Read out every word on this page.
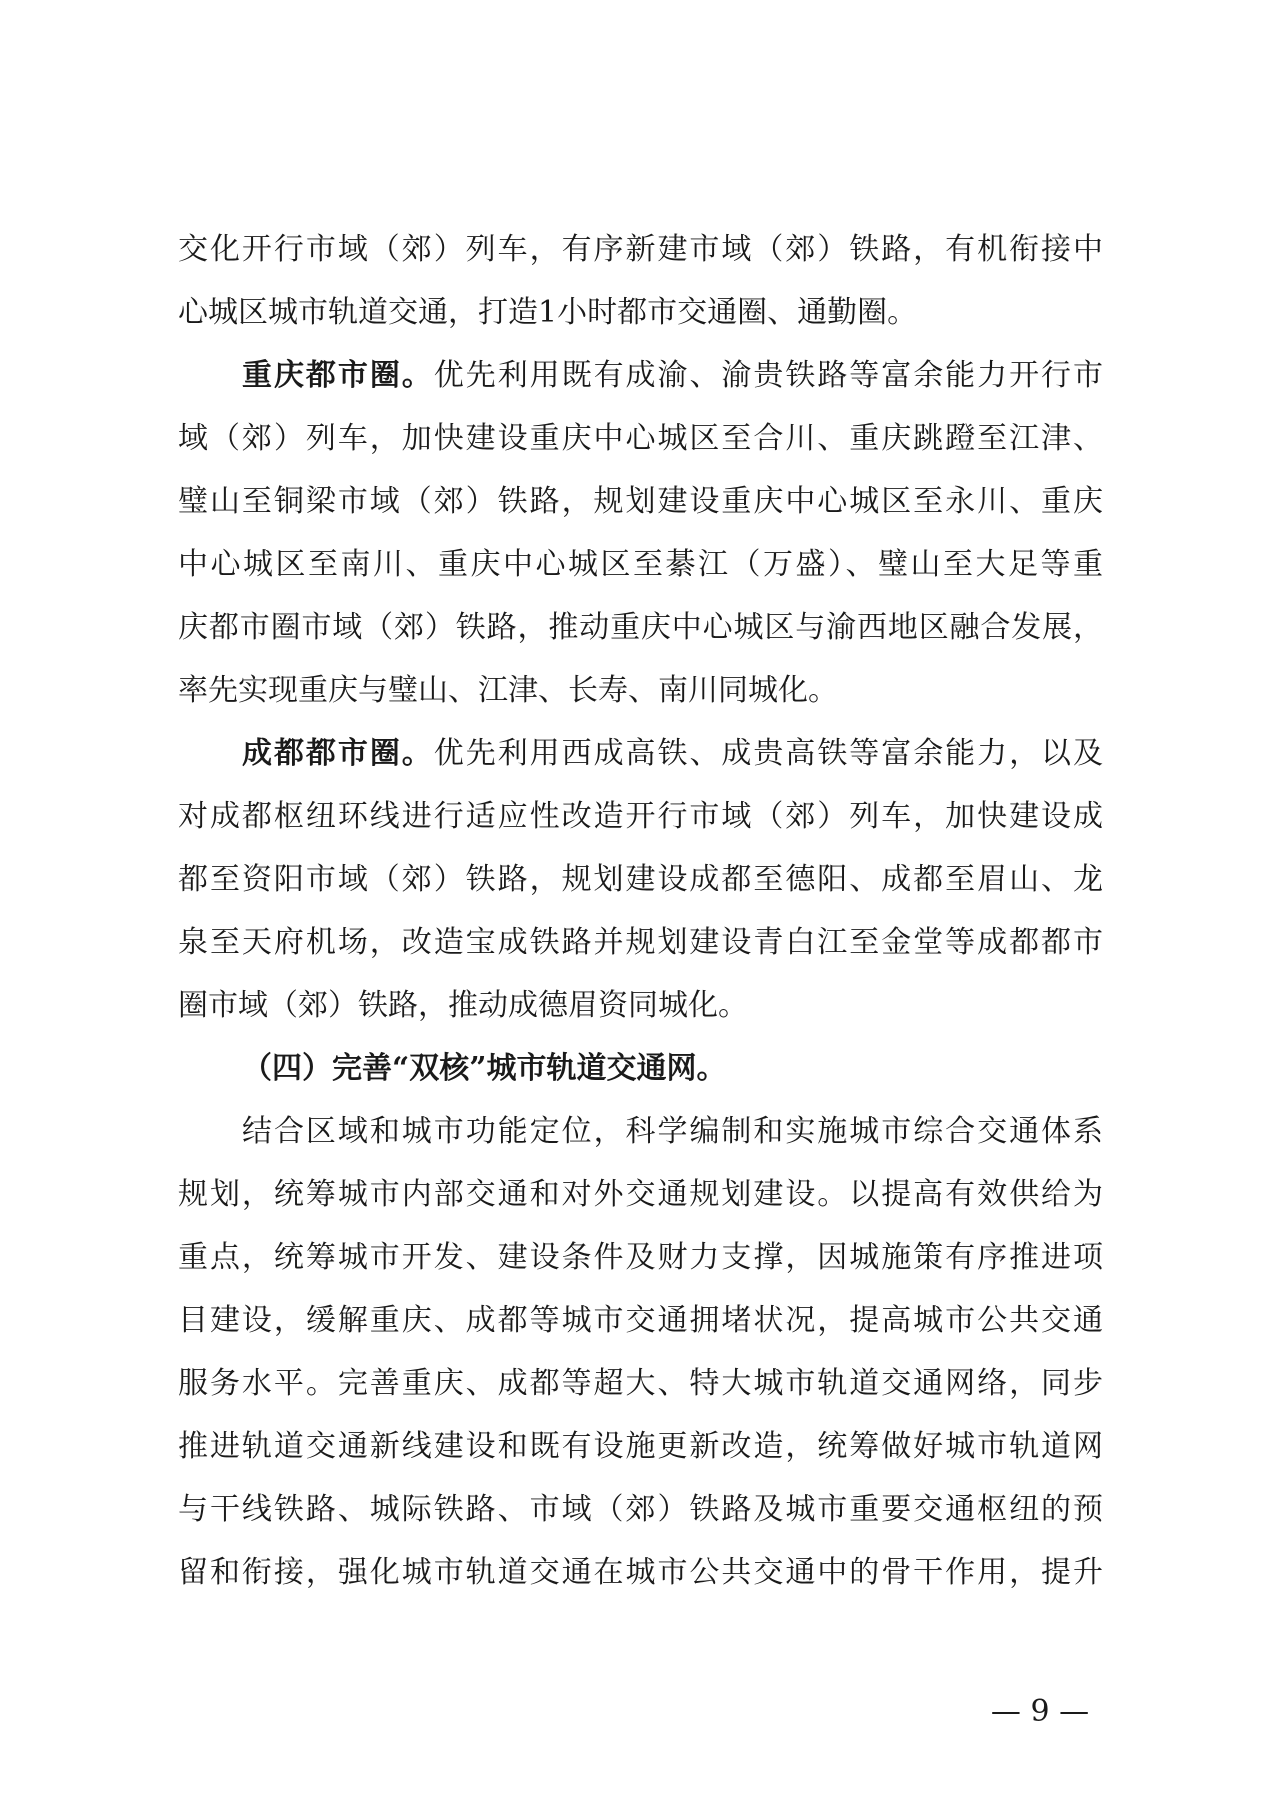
交化开行市域（郊）列车，有序新建市域（郊）铁路，有机衔接中
心城区城市轨道交通，打造1小时都市交通圈、通勤圈。
重庆都市圈。优先利用既有成渝、渝贵铁路等富余能力开行市
域（郊）列车，加快建设重庆中心城区至合川、重庆跳蹬至江津、
璧山至铜梁市域（郊）铁路，规划建设重庆中心城区至永川、重庆
中心城区至南川、重庆中心城区至綦江（万盛）、璧山至大足等重
庆都市圈市域（郊）铁路，推动重庆中心城区与渝西地区融合发展，
率先实现重庆与璧山、江津、长寿、南川同城化。
成都都市圈。优先利用西成高铁、成贵高铁等富余能力，以及
对成都枢纽环线进行适应性改造开行市域（郊）列车，加快建设成
都至资阳市域（郊）铁路，规划建设成都至德阳、成都至眉山、龙
泉至天府机场，改造宝成铁路并规划建设青白江至金堂等成都都市
圈市域（郊）铁路，推动成德眉资同城化。
（四）完善“双核”城市轨道交通网。
结合区域和城市功能定位，科学编制和实施城市综合交通体系
规划，统筹城市内部交通和对外交通规划建设。以提高有效供给为
重点，统筹城市开发、建设条件及财力支撑，因城施策有序推进项
目建设，缓解重庆、成都等城市交通拥堵状况，提高城市公共交通
服务水平。完善重庆、成都等超大、特大城市轨道交通网络，同步
推进轨道交通新线建设和既有设施更新改造，统筹做好城市轨道网
与干线铁路、城际铁路、市域（郊）铁路及城市重要交通枢纽的预
留和衔接，强化城市轨道交通在城市公共交通中的骨干作用，提升
— 9 —
